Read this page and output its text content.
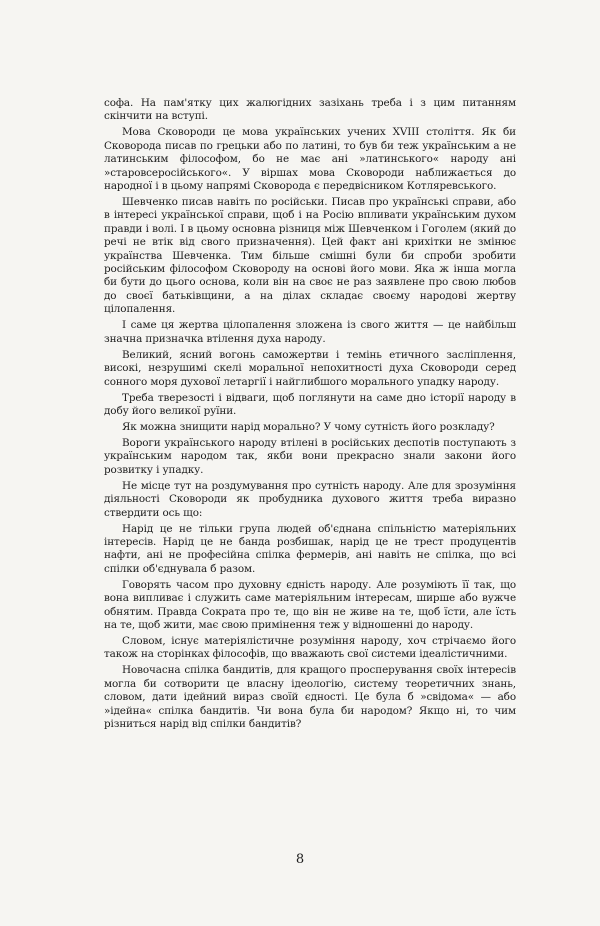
софа. На пам'ятку цих жалюгідних зазіхань треба і з цим питанням скінчити на вступі.

Мова Сковороди це мова українських учених XVIII століття. Як би Сковорода писав по грецьки або по латині, то був би теж українським а не латинським філософом, бо не має ані »латинського« народу ані »старовсеросійського«. У віршах мова Сковороди наближається до народної і в цьому напрямі Сковорода є передвісником Котляревського.

Шевченко писав навіть по російськи. Писав про українські справи, або в інтересі української справи, щоб і на Росію впливати українським духом правди і волі. І в цьому основна різниця між Шевченком і Гоголем (який до речі не втік від свого призначення). Цей факт ані крихітки не змінює українства Шевченка. Тим більше смішні були би спроби зробити російським філософом Сковороду на основі його мови. Яка ж інша могла би бути до цього основа, коли він на своє не раз заявлене про свою любов до своєї батьківщини, а на ділах складає своєму народові жертву цілопалення.

І саме ця жертва цілопалення зложена із свого життя — це найбільш значна призначка втілення духа народу.

Великий, ясний вогонь саможертви і темінь етичного засліплення, високі, незрушимі скелі моральної непохитності духа Сковороди серед сонного моря духової летаргії і найглибшого морального упадку народу.

Треба тверезості і відваги, щоб поглянути на саме дно історії народу в добу його великої руїни.

Як можна знищити нарід морально? У чому сутність його розкладу?

Вороги українського народу втілені в російських деспотів поступають з українським народом так, якби вони прекрасно знали закони його розвитку і упадку.

Не місце тут на роздумування про сутність народу. Але для зрозуміння діяльності Сковороди як пробудника духового життя треба виразно ствердити ось що:

Нарід це не тільки група людей об'єднана спільністю матеріяльних інтересів. Нарід це не банда розбишак, нарід це не трест продуцентів нафти, ані не професійна спілка фермерів, ані навіть не спілка, що всі спілки об'єднувала б разом.

Говорять часом про духовну єдність народу. Але розуміють її так, що вона випливає і служить саме матеріяльним інтересам, ширше або вужче обнятим. Правда Сократа про те, що він не живе на те, щоб їсти, але їсть на те, щоб жити, має свою примінення теж у відношенні до народу.

Словом, існує матеріялістичне розуміння народу, хоч стрічаємо його також на сторінках філософів, що вважають свої системи ідеалістичними.

Новочасна спілка бандитів, для кращого просперування своїх інтересів могла би сотворити це власну ідеологію, систему теоретичних знань, словом, дати ідейний вираз своїй єдності. Це була б »свідома« — або »ідейна« спілка бандитів. Чи вона була би народом? Якщо ні, то чим різниться нарід від спілки бандитів?

8
